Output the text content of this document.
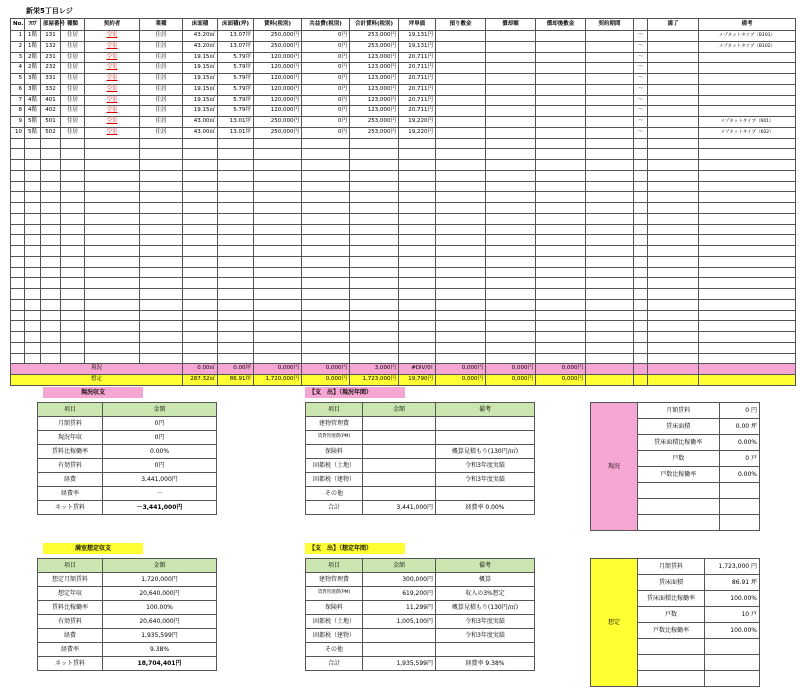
新栄5丁目レジ
No.	ﾌﾛｱ	部屋番号	種類	契約者	業種	床面積	床面積(坪)	賃料(税別)	共益費(税別)	合計賃料(税別)	坪単価	預り敷金	償却額	償却後敷金	契約期間		満了	備考
1	1階	131	住居	空室	住居	43.20㎡	13.07坪	250,000円	0円	253,000円	19,131円					～		メゾネットタイプ（B101）
2	1階	132	住居	空室	住居	43.20㎡	13.07坪	250,000円	0円	253,000円	19,131円					～		メゾネットタイプ（B102）
3	2階	231	住居	空室	住居	19.15㎡	5.79坪	120,000円	0円	123,000円	20,711円					～		
4	2階	232	住居	空室	住居	19.15㎡	5.79坪	120,000円	0円	123,000円	20,711円					～		
5	3階	331	住居	空室	住居	19.15㎡	5.79坪	120,000円	0円	123,000円	20,711円					～		
6	3階	332	住居	空室	住居	19.15㎡	5.79坪	120,000円	0円	123,000円	20,711円					～		
7	4階	401	住居	空室	住居	19.15㎡	5.79坪	120,000円	0円	123,000円	20,711円					～		
8	4階	402	住居	空室	住居	19.15㎡	5.79坪	120,000円	0円	123,000円	20,711円					～		
9	5階	501	住居	空室	住居	43.00㎡	13.01坪	250,000円	0円	253,000円	19,220円					～		メゾネットタイプ（601）
10	5階	502	住居	空室	住居	43.00㎡	13.01坪	250,000円	0円	253,000円	19,220円					～		メゾネットタイプ（602）

現況						0.00㎡	0.00坪	0,000円	0,000円	3,000円	#DIV/0!	0,000円	0,000円	0,000円				
想定						287.32㎡	86.91坪	1,720,000円	0,000円	1,723,000円	19,790円	0,000円	0,000円	0,000円				
現況収支
項目	金額
月額賃料	0円
現況年収	0円
賃料比稼働率	0.00%
有効賃料	0円
経費	3,441,000円
経費率	－
ネット賃料	－3,441,000円
満室想定収支
項目	金額
想定月額賃料	1,720,000円
想定年収	20,640,000円
賃料比稼働率	100.00%
有効賃料	20,640,000円
経費	1,935,599円
経費率	9.38%
ネット賃料	18,704,401円
【支　出】（現況年間）
項目	金額	備考
建物管理費		
賃貸管理費(PM)		
保険料		概算見積もり(130円/㎡)
固都税（土地）		令和3年度実績
固都税（建物）		令和3年度実績
その他		
合計	3,441,000円	経費率 0.00%
【支　出】（想定年間）
項目	金額	備考
建物管理費	300,000円	概算
賃貸管理費(PM)	619,200円	収入の3%想定
保険料	11,299円	概算見積もり(130円/㎡)
固都税（土地）	1,005,100円	令和3年度実績
固都税（建物）		令和3年度実績
その他		
合計	1,935,599円	経費率 9.38%
現況	月額賃料	0 円
	賃床面積	0.00 坪
	賃床面積比稼働率	0.00%
	戸数	0 戸
	戸数比稼働率	0.00%

想定	月額賃料	1,723,000 円
	賃床面積	86.91 坪
	賃床面積比稼働率	100.00%
	戸数	10 戸
	戸数比稼働率	100.00%
